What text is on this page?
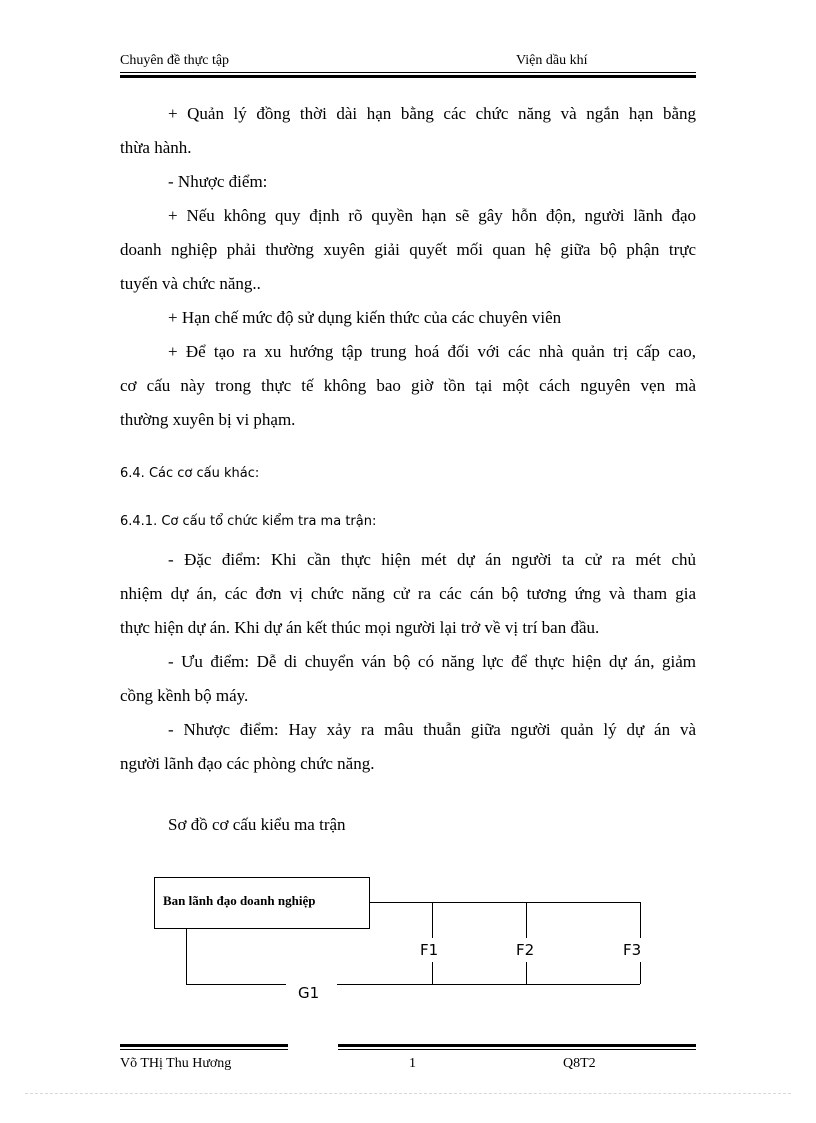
Chuyên đề thực tập	Viện dầu khí
+ Quản lý đồng thời dài hạn bằng các chức năng và ngắn hạn bằng
thừa hành.
- Nhược điểm:
+ Nếu không quy định rõ quyền hạn sẽ gây hỗn độn, người lãnh đạo
doanh nghiệp phải thường xuyên giải quyết mối quan hệ giữa bộ phận trực
tuyến và chức năng..
+ Hạn chế mức độ sử dụng kiến thức của các chuyên viên
+ Để tạo ra xu hướng tập trung hoá đối với các nhà quản trị cấp cao,
cơ cấu này trong thực tế không bao giờ tồn tại một cách nguyên vẹn mà
thường xuyên bị vi phạm.
6.4. Các cơ cấu khác:
6.4.1. Cơ cấu tổ chức kiểm tra ma trận:
- Đặc điểm: Khi cần thực hiện mét dự án người ta cử ra mét chủ
nhiệm dự án, các đơn vị chức năng cử ra các cán bộ tương ứng và tham gia
thực hiện dự án. Khi dự án kết thúc mọi người lại trở về vị trí ban đầu.
- Ưu điểm: Dễ di chuyển ván bộ có năng lực để thực hiện dự án, giảm
cồng kềnh bộ máy.
- Nhược điểm: Hay xảy ra mâu thuẫn giữa người quản lý dự án và
người lãnh đạo các phòng chức năng.
Sơ đồ cơ cấu kiểu ma trận
Ban lãnh đạo doanh nghiệp
F1	F2	F3
G1
Võ THị Thu Hương	1	Q8T2
